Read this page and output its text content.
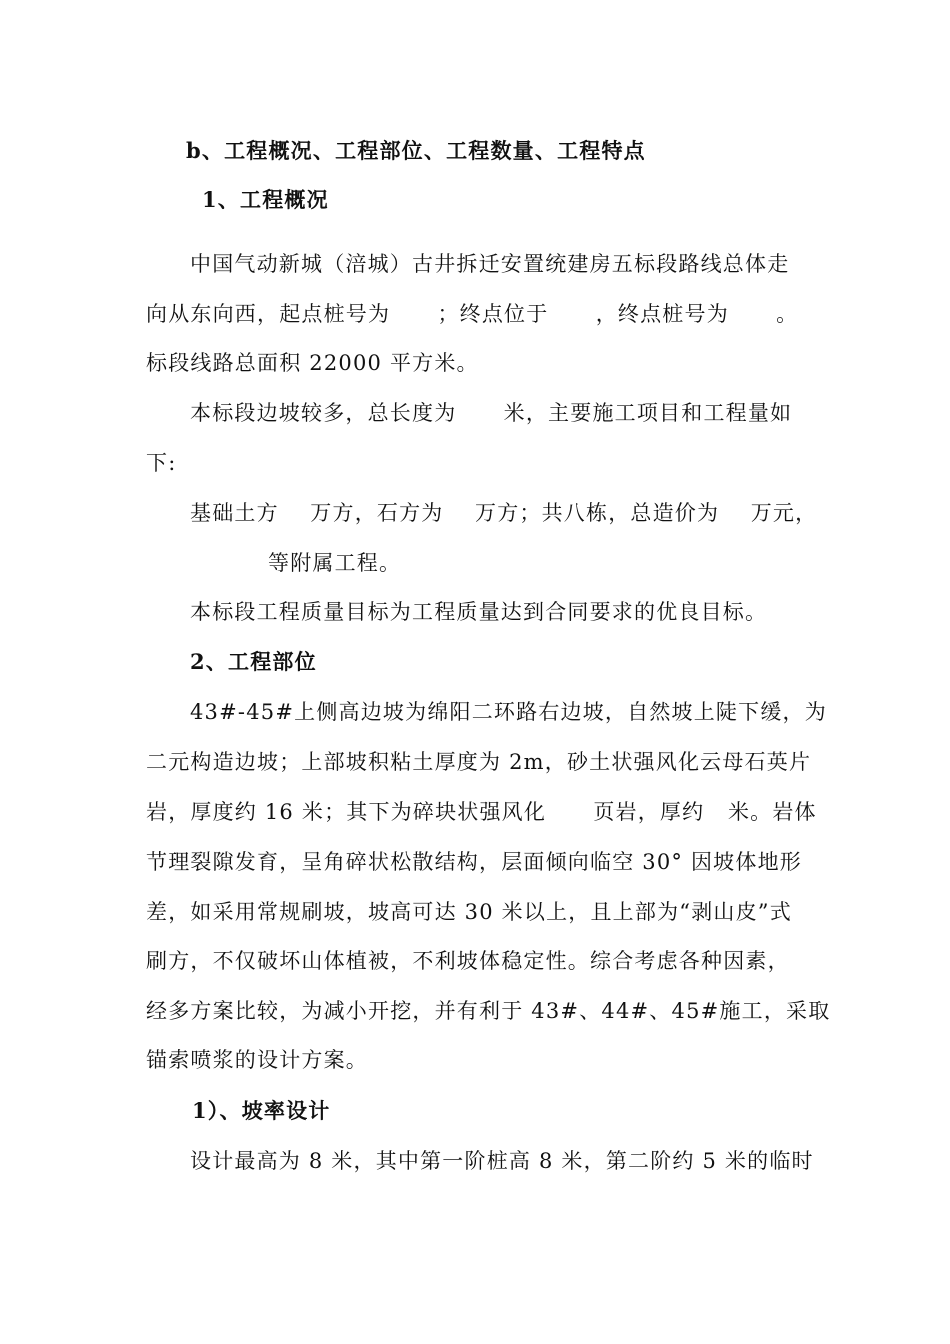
b、工程概况、工程部位、工程数量、工程特点
1、工程概况
中国气动新城（涪城）古井拆迁安置统建房五标段路线总体走
向从东向西，起点桩号为      ；终点位于      ，终点桩号为      。
标段线路总面积 22000 平方米。
本标段边坡较多，总长度为      米，主要施工项目和工程量如
下:
基础土方    万方，石方为    万方；共八栋，总造价为    万元，
等附属工程。
本标段工程质量目标为工程质量达到合同要求的优良目标。
2、工程部位
43#-45#上侧高边坡为绵阳二环路右边坡，自然坡上陡下缓，为
二元构造边坡；上部坡积粘土厚度为 2m，砂土状强风化云母石英片
岩，厚度约 16 米；其下为碎块状强风化      页岩，厚约   米。岩体
节理裂隙发育，呈角碎状松散结构，层面倾向临空 30° 因坡体地形
差，如采用常规刷坡，坡高可达 30 米以上，且上部为“剥山皮”式
刷方，不仅破坏山体植被，不利坡体稳定性。综合考虑各种因素，
经多方案比较，为减小开挖，并有利于 43#、44#、45#施工，采取
锚索喷浆的设计方案。
1）、坡率设计
设计最高为 8 米，其中第一阶桩高 8 米，第二阶约 5 米的临时
